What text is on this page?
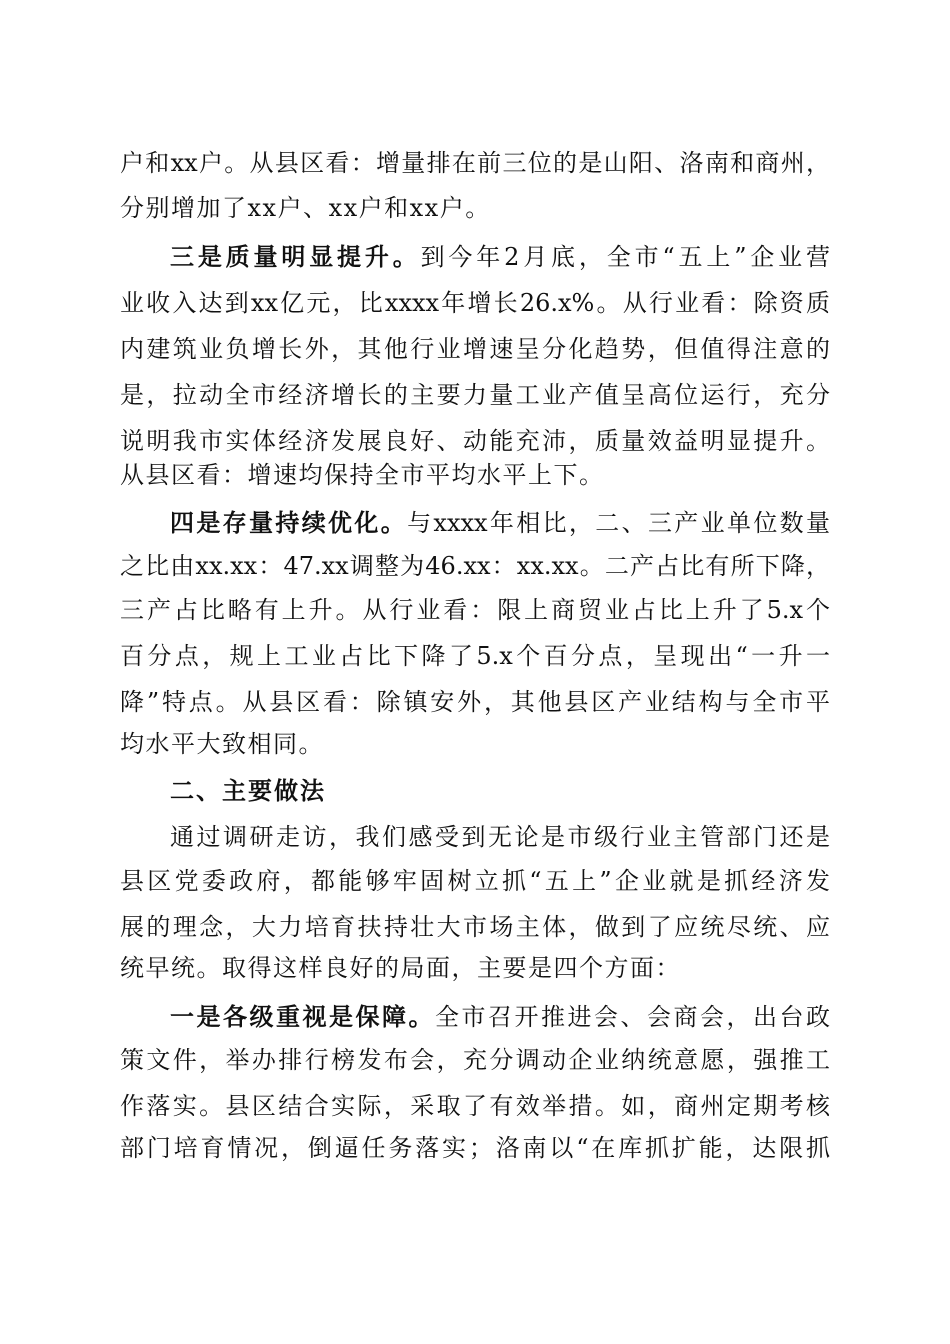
户和xx户。从县区看：增量排在前三位的是山阳、洛南和商州，
分别增加了xx户、xx户和xx户。
三是质量明显提升。到今年2月底，全市“五上”企业营
业收入达到xx亿元，比xxxx年增长26.x%。从行业看：除资质
内建筑业负增长外，其他行业增速呈分化趋势，但值得注意的
是，拉动全市经济增长的主要力量工业产值呈高位运行，充分
说明我市实体经济发展良好、动能充沛，质量效益明显提升。
从县区看：增速均保持全市平均水平上下。
四是存量持续优化。与xxxx年相比，二、三产业单位数量
之比由xx.xx：47.xx调整为46.xx：xx.xx。二产占比有所下降，
三产占比略有上升。从行业看：限上商贸业占比上升了5.x个
百分点，规上工业占比下降了5.x个百分点，呈现出“一升一
降”特点。从县区看：除镇安外，其他县区产业结构与全市平
均水平大致相同。
二、主要做法
通过调研走访，我们感受到无论是市级行业主管部门还是
县区党委政府，都能够牢固树立抓“五上”企业就是抓经济发
展的理念，大力培育扶持壮大市场主体，做到了应统尽统、应
统早统。取得这样良好的局面，主要是四个方面：
一是各级重视是保障。全市召开推进会、会商会，出台政
策文件，举办排行榜发布会，充分调动企业纳统意愿，强推工
作落实。县区结合实际，采取了有效举措。如，商州定期考核
部门培育情况，倒逼任务落实；洛南以“在库抓扩能，达限抓
